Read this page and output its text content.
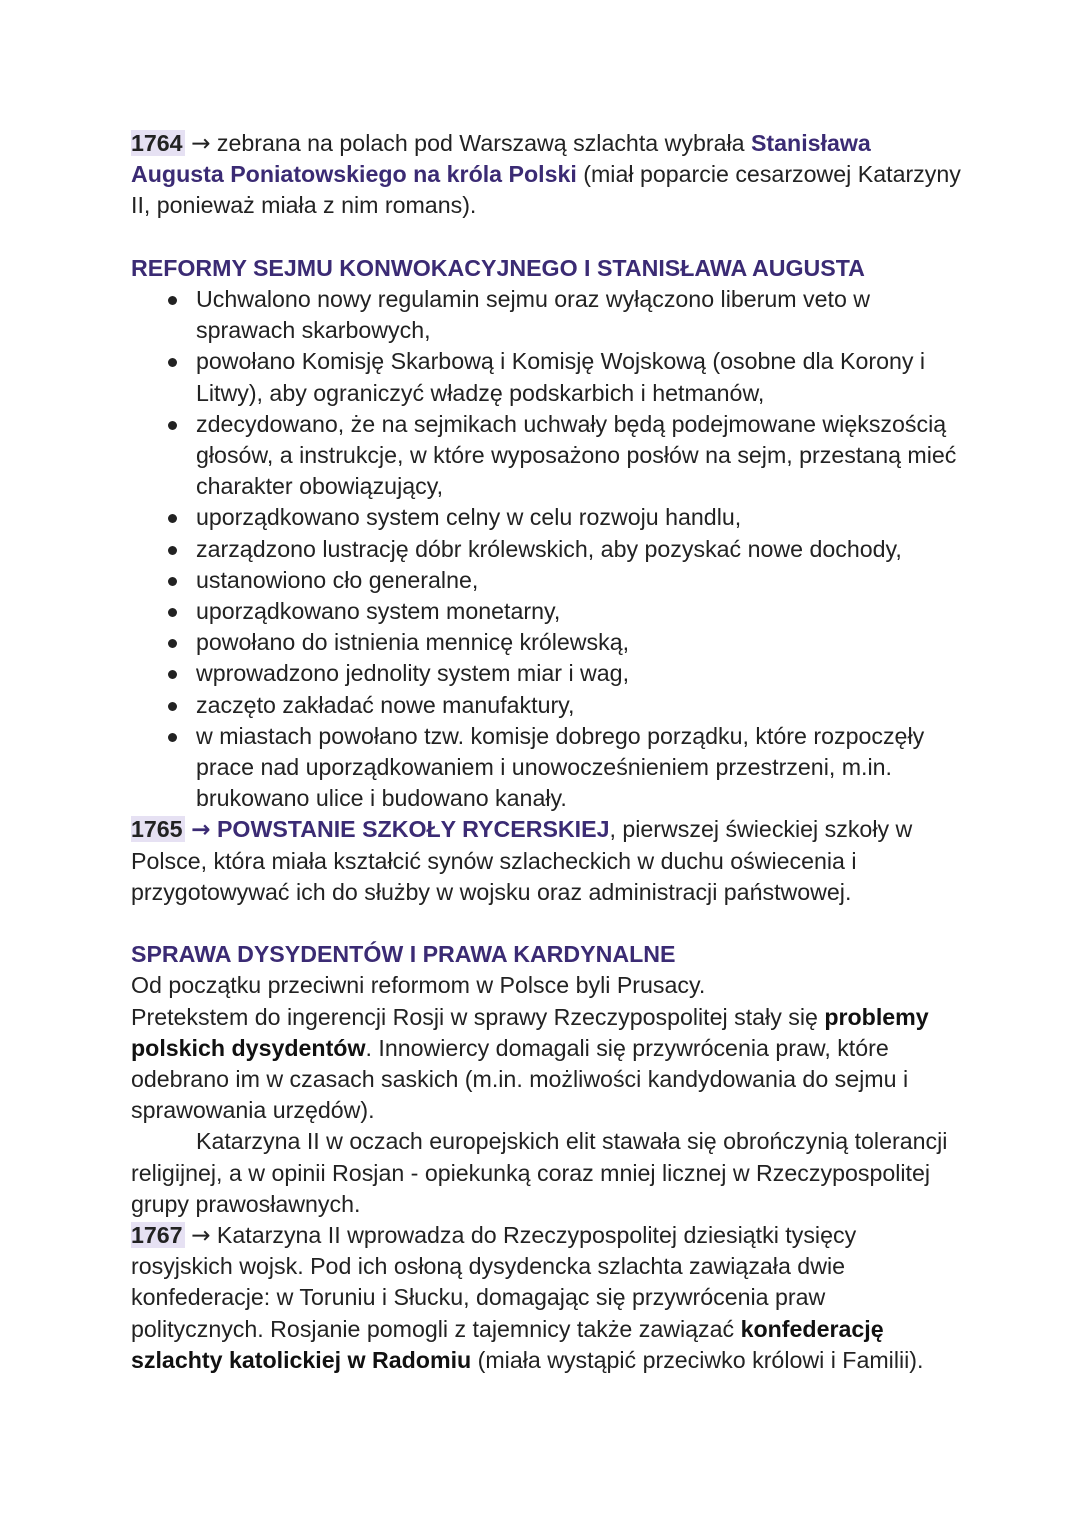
1764 → zebrana na polach pod Warszawą szlachta wybrała Stanisława Augusta Poniatowskiego na króla Polski (miał poparcie cesarzowej Katarzyny II, ponieważ miała z nim romans).

REFORMY SEJMU KONWOKACYJNEGO I STANISŁAWA AUGUSTA

Uchwalono nowy regulamin sejmu oraz wyłączono liberum veto w sprawach skarbowych,
powołano Komisję Skarbową i Komisję Wojskową (osobne dla Korony i Litwy), aby ograniczyć władzę podskarbich i hetmanów,
zdecydowano, że na sejmikach uchwały będą podejmowane większością głosów, a instrukcje, w które wyposażono posłów na sejm, przestaną mieć charakter obowiązujący,
uporządkowano system celny w celu rozwoju handlu,
zarządzono lustrację dóbr królewskich, aby pozyskać nowe dochody,
ustanowiono cło generalne,
uporządkowano system monetarny,
powołano do istnienia mennicę królewską,
wprowadzono jednolity system miar i wag,
zaczęto zakładać nowe manufaktury,
w miastach powołano tzw. komisje dobrego porządku, które rozpoczęły prace nad uporządkowaniem i unowocześnieniem przestrzeni, m.in. brukowano ulice i budowano kanały.

1765 → POWSTANIE SZKOŁY RYCERSKIEJ, pierwszej świeckiej szkoły w Polsce, która miała kształcić synów szlacheckich w duchu oświecenia i przygotowywać ich do służby w wojsku oraz administracji państwowej.

SPRAWA DYSYDENTÓW I PRAWA KARDYNALNE

Od początku przeciwni reformom w Polsce byli Prusacy.

Pretekstem do ingerencji Rosji w sprawy Rzeczypospolitej stały się problemy polskich dysydentów. Innowiercy domagali się przywrócenia praw, które odebrano im w czasach saskich (m.in. możliwości kandydowania do sejmu i sprawowania urzędów).

Katarzyna II w oczach europejskich elit stawała się obrończynią tolerancji religijnej, a w opinii Rosjan - opiekunką coraz mniej licznej w Rzeczypospolitej grupy prawosławnych.

1767 → Katarzyna II wprowadza do Rzeczypospolitej dziesiątki tysięcy rosyjskich wojsk. Pod ich osłoną dysydencka szlachta zawiązała dwie konfederacje: w Toruniu i Słucku, domagając się przywrócenia praw politycznych. Rosjanie pomogli z tajemnicy także zawiązać konfederację szlachty katolickiej w Radomiu (miała wystąpić przeciwko królowi i Familii).
